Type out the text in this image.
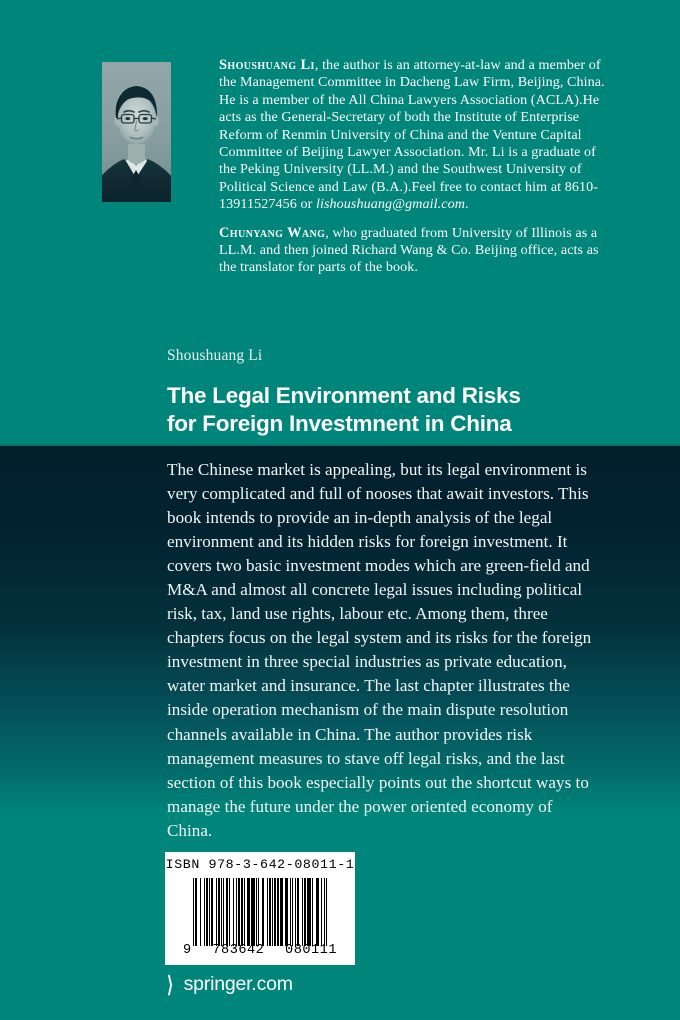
Shoushuang Li, the author is an attorney-at-law and a member of the Management Committee in Dacheng Law Firm, Beijing, China. He is a member of the All China Lawyers Association (ACLA).He acts as the General-Secretary of both the Institute of Enterprise Reform of Renmin University of China and the Venture Capital Committee of Beijing Lawyer Association. Mr. Li is a graduate of the Peking University (LL.M.) and the Southwest University of Political Science and Law (B.A.).Feel free to contact him at 8610-13911527456 or lishoushuang@gmail.com.

Chunyang Wang, who graduated from University of Illinois as a LL.M. and then joined Richard Wang & Co. Beijing office, acts as the translator for parts of the book.

Shoushuang Li
The Legal Environment and Risks
for Foreign Investmnent in China

The Chinese market is appealing, but its legal environment is very complicated and full of nooses that await investors. This book intends to provide an in-depth analysis of the legal environment and its hidden risks for foreign investment. It covers two basic investment modes which are green-field and M&A and almost all concrete legal issues including political risk, tax, land use rights, labour etc. Among them, three chapters focus on the legal system and its risks for the foreign investment in three special industries as private education, water market and insurance. The last chapter illustrates the inside operation mechanism of the main dispute resolution channels available in China. The author provides risk management measures to stave off legal risks, and the last section of this book especially points out the shortcut ways to manage the future under the power oriented economy of China.

ISBN 978-3-642-08011-1
9 783642 080111
⟩ springer.com
